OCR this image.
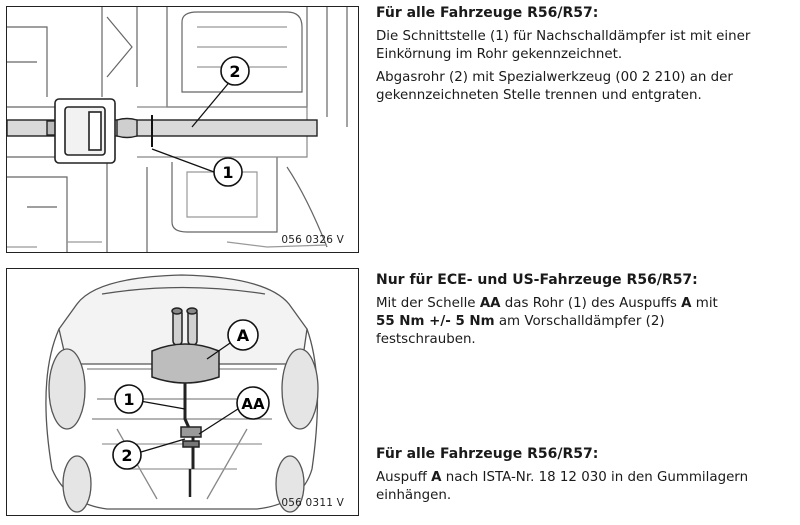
2
1
056 0326 V
Für alle Fahrzeuge R56/R57:
Die Schnittstelle (1) für Nachschalldämpfer ist mit einer Einkörnung im Rohr gekennzeichnet.
Abgasrohr (2) mit Spezialwerkzeug (00 2 210) an der gekennzeichneten Stelle trennen und entgraten.
A
1	AA
2
056 0311 V
Nur für ECE- und US-Fahrzeuge R56/R57:
Mit der Schelle AA das Rohr (1) des Auspuffs A mit
55 Nm +/- 5 Nm am Vorschalldämpfer (2)
festschrauben.
Für alle Fahrzeuge R56/R57:
Auspuff A nach ISTA-Nr. 18 12 030 in den Gummilagern einhängen.
